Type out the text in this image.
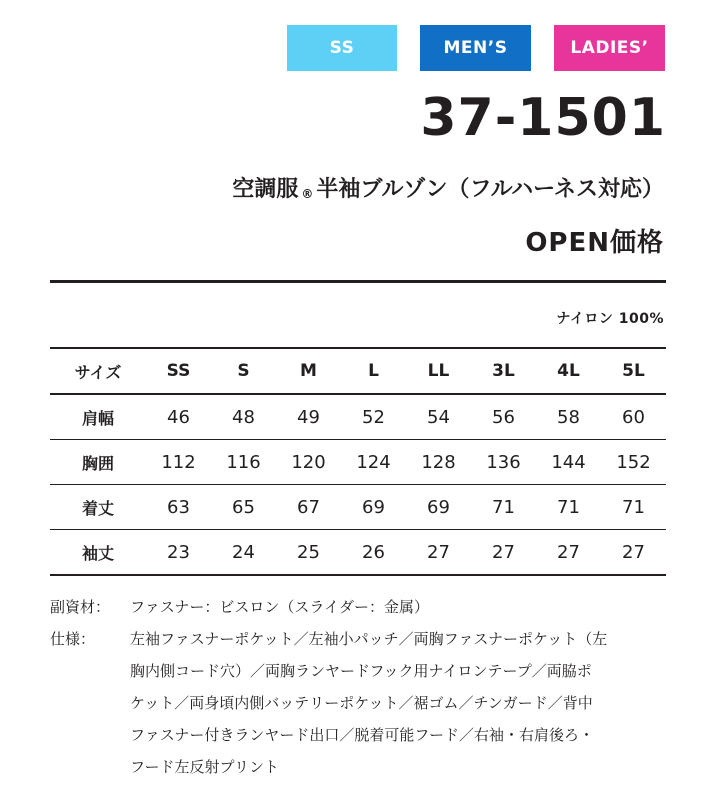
SS	MEN’S	LADIES’
37-1501
空調服 ® 半袖ブルゾン（フルハーネス対応）
OPEN価格
ナイロン 100%
サイズ	SS	S	M	L	LL	3L	4L	5L
肩幅	46	48	49	52	54	56	58	60
胸囲	112	116	120	124	128	136	144	152
着丈	63	65	67	69	69	71	71	71
袖丈	23	24	25	26	27	27	27	27
副資材： ファスナー：ビスロン（スライダー：金属）
仕様：	左袖ファスナーポケット／左袖小パッチ／両胸ファスナーポケット（左
胸内側コード穴）／両胸ランヤードフック用ナイロンテープ／両脇ポ
ケット／両身頃内側バッテリーポケット／裾ゴム／チンガード／背中
ファスナー付きランヤード出口／脱着可能フード／右袖・右肩後ろ・
フード左反射プリント
